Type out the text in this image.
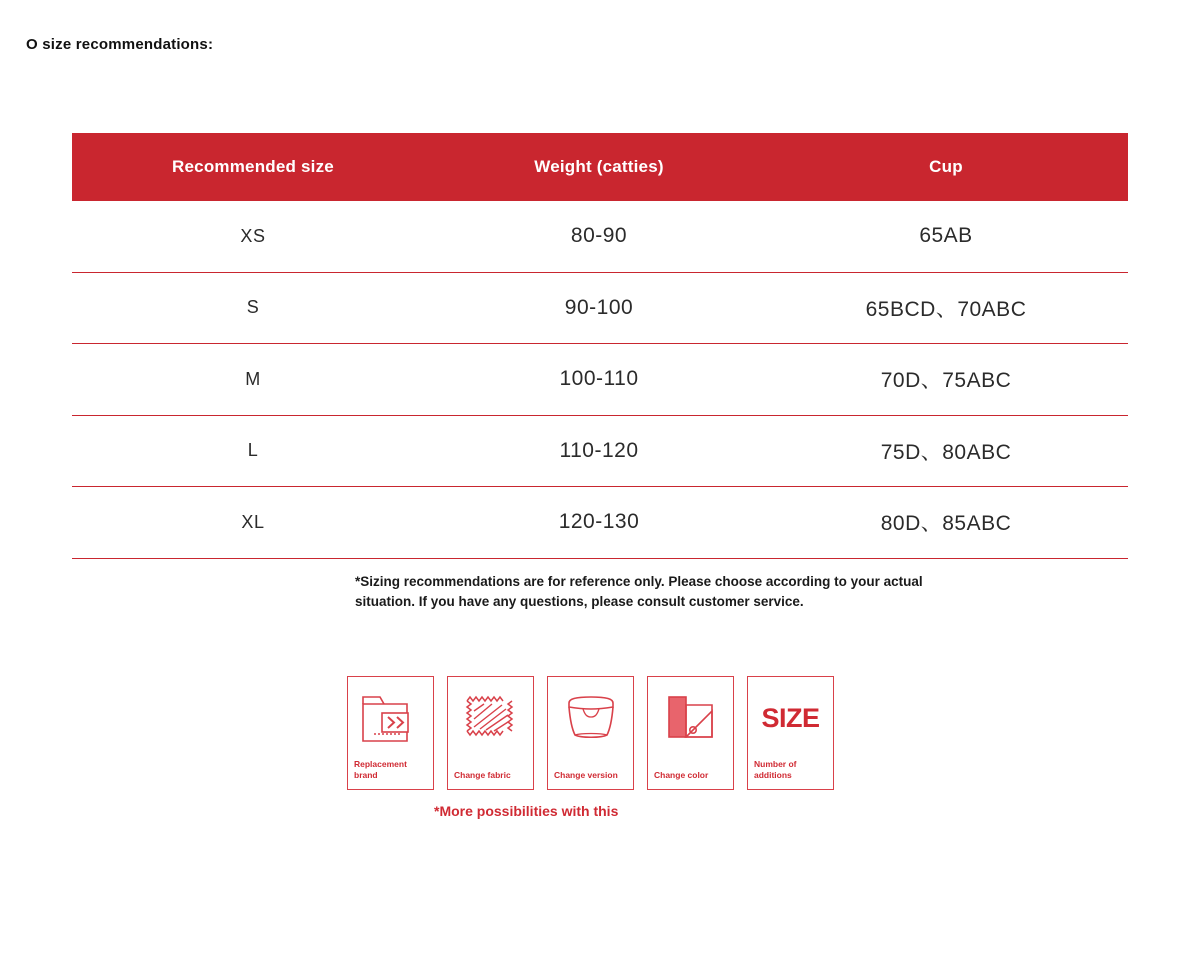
O size recommendations:
Recommended size	Weight (catties)	Cup
XS	80-90	65AB
S	90-100	65BCD、70ABC
M	100-110	70D、75ABC
L	110-120	75D、80ABC
XL	120-130	80D、85ABC
*Sizing recommendations are for reference only. Please choose according to your actual situation. If you have any questions, please consult customer service.
Replacement brand	Change fabric	Change version	Change color
SIZE
Number of additions
*More possibilities with this
